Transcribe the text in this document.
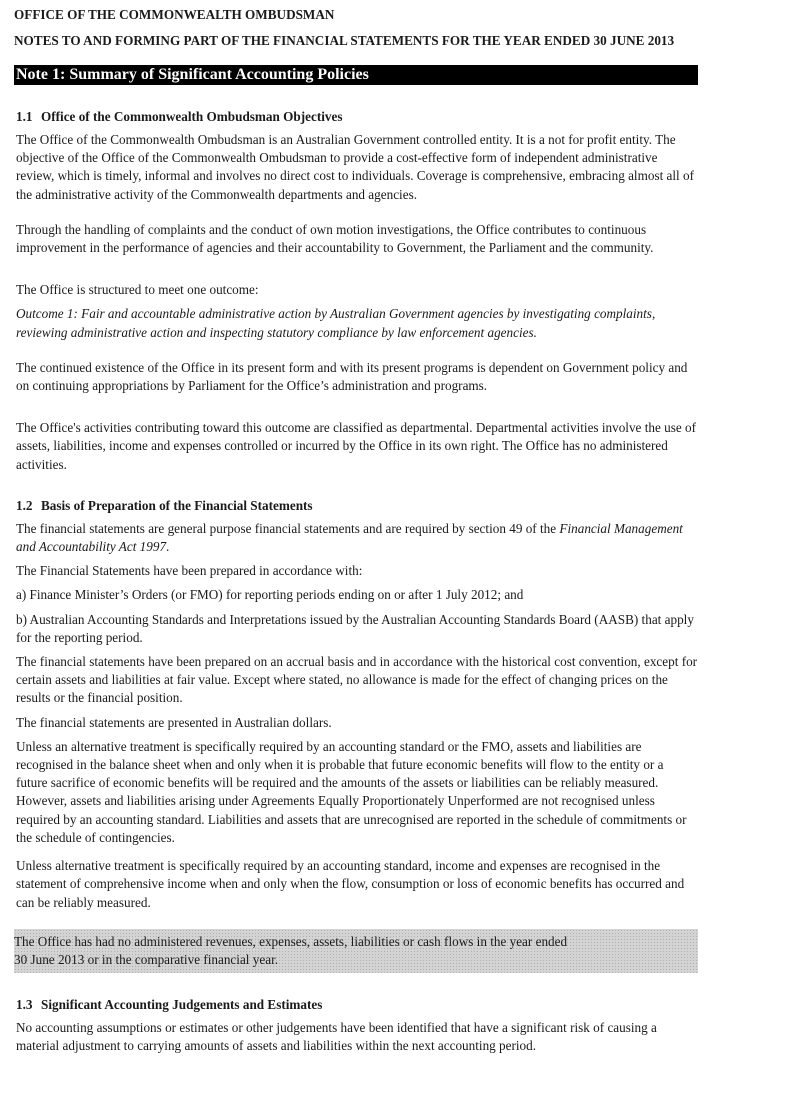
OFFICE OF THE COMMONWEALTH OMBUDSMAN
NOTES TO AND FORMING PART OF THE FINANCIAL STATEMENTS FOR THE YEAR ENDED 30 JUNE 2013
Note 1: Summary of Significant Accounting Policies
1.1 Office of the Commonwealth Ombudsman Objectives

The Office of the Commonwealth Ombudsman is an Australian Government controlled entity. It is a not for profit entity. The objective of the Office of the Commonwealth Ombudsman to provide a cost-effective form of independent administrative review, which is timely, informal and involves no direct cost to individuals. Coverage is comprehensive, embracing almost all of the administrative activity of the Commonwealth departments and agencies.

Through the handling of complaints and the conduct of own motion investigations, the Office contributes to continuous improvement in the performance of agencies and their accountability to Government, the Parliament and the community.

The Office is structured to meet one outcome:

Outcome 1: Fair and accountable administrative action by Australian Government agencies by investigating complaints, reviewing administrative action and inspecting statutory compliance by law enforcement agencies.

The continued existence of the Office in its present form and with its present programs is dependent on Government policy and on continuing appropriations by Parliament for the Office’s administration and programs.

The Office's activities contributing toward this outcome are classified as departmental. Departmental activities involve the use of assets, liabilities, income and expenses controlled or incurred by the Office in its own right. The Office has no administered activities.

1.2 Basis of Preparation of the Financial Statements

The financial statements are general purpose financial statements and are required by section 49 of the Financial Management and Accountability Act 1997.

The Financial Statements have been prepared in accordance with:

a) Finance Minister’s Orders (or FMO) for reporting periods ending on or after 1 July 2012; and

b) Australian Accounting Standards and Interpretations issued by the Australian Accounting Standards Board (AASB) that apply for the reporting period.

The financial statements have been prepared on an accrual basis and in accordance with the historical cost convention, except for certain assets and liabilities at fair value. Except where stated, no allowance is made for the effect of changing prices on the results or the financial position.

The financial statements are presented in Australian dollars.

Unless an alternative treatment is specifically required by an accounting standard or the FMO, assets and liabilities are recognised in the balance sheet when and only when it is probable that future economic benefits will flow to the entity or a future sacrifice of economic benefits will be required and the amounts of the assets or liabilities can be reliably measured. However, assets and liabilities arising under Agreements Equally Proportionately Unperformed are not recognised unless required by an accounting standard. Liabilities and assets that are unrecognised are reported in the schedule of commitments or the schedule of contingencies.

Unless alternative treatment is specifically required by an accounting standard, income and expenses are recognised in the statement of comprehensive income when and only when the flow, consumption or loss of economic benefits has occurred and can be reliably measured.

The Office has had no administered revenues, expenses, assets, liabilities or cash flows in the year ended

30 June 2013 or in the comparative financial year.

1.3 Significant Accounting Judgements and Estimates

No accounting assumptions or estimates or other judgements have been identified that have a significant risk of causing a material adjustment to carrying amounts of assets and liabilities within the next accounting period.
